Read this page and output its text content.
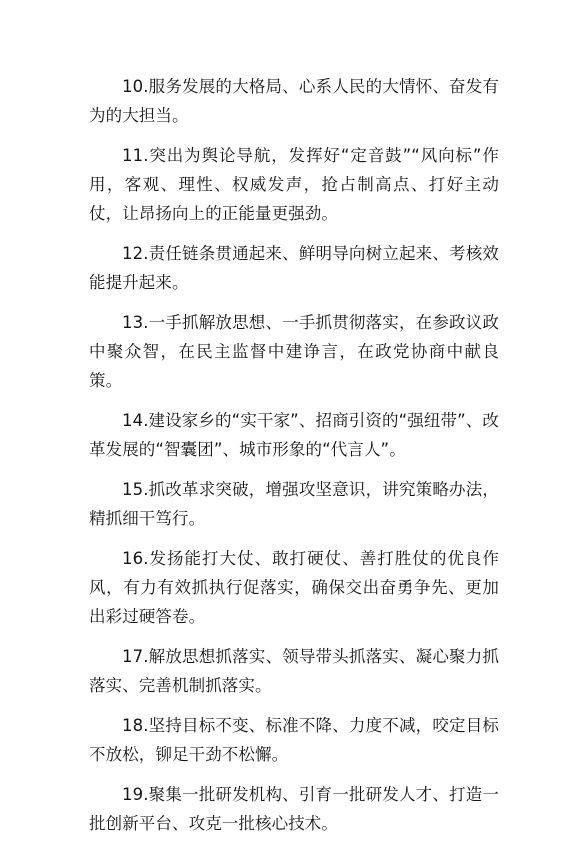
10.服务发展的大格局、心系人民的大情怀、奋发有为的大担当。

11.突出为舆论导航，发挥好“定音鼓”“风向标”作用，客观、理性、权威发声，抢占制高点、打好主动仗，让昂扬向上的正能量更强劲。

12.责任链条贯通起来、鲜明导向树立起来、考核效能提升起来。

13.一手抓解放思想、一手抓贯彻落实，在参政议政中聚众智，在民主监督中建诤言，在政党协商中献良策。

14.建设家乡的“实干家”、招商引资的“强纽带”、改革发展的“智囊团”、城市形象的“代言人”。

15.抓改革求突破，增强攻坚意识，讲究策略办法，精抓细干笃行。

16.发扬能打大仗、敢打硬仗、善打胜仗的优良作风，有力有效抓执行促落实，确保交出奋勇争先、更加出彩过硬答卷。

17.解放思想抓落实、领导带头抓落实、凝心聚力抓落实、完善机制抓落实。

18.坚持目标不变、标准不降、力度不减，咬定目标不放松，铆足干劲不松懈。

19.聚集一批研发机构、引育一批研发人才、打造一批创新平台、攻克一批核心技术。
